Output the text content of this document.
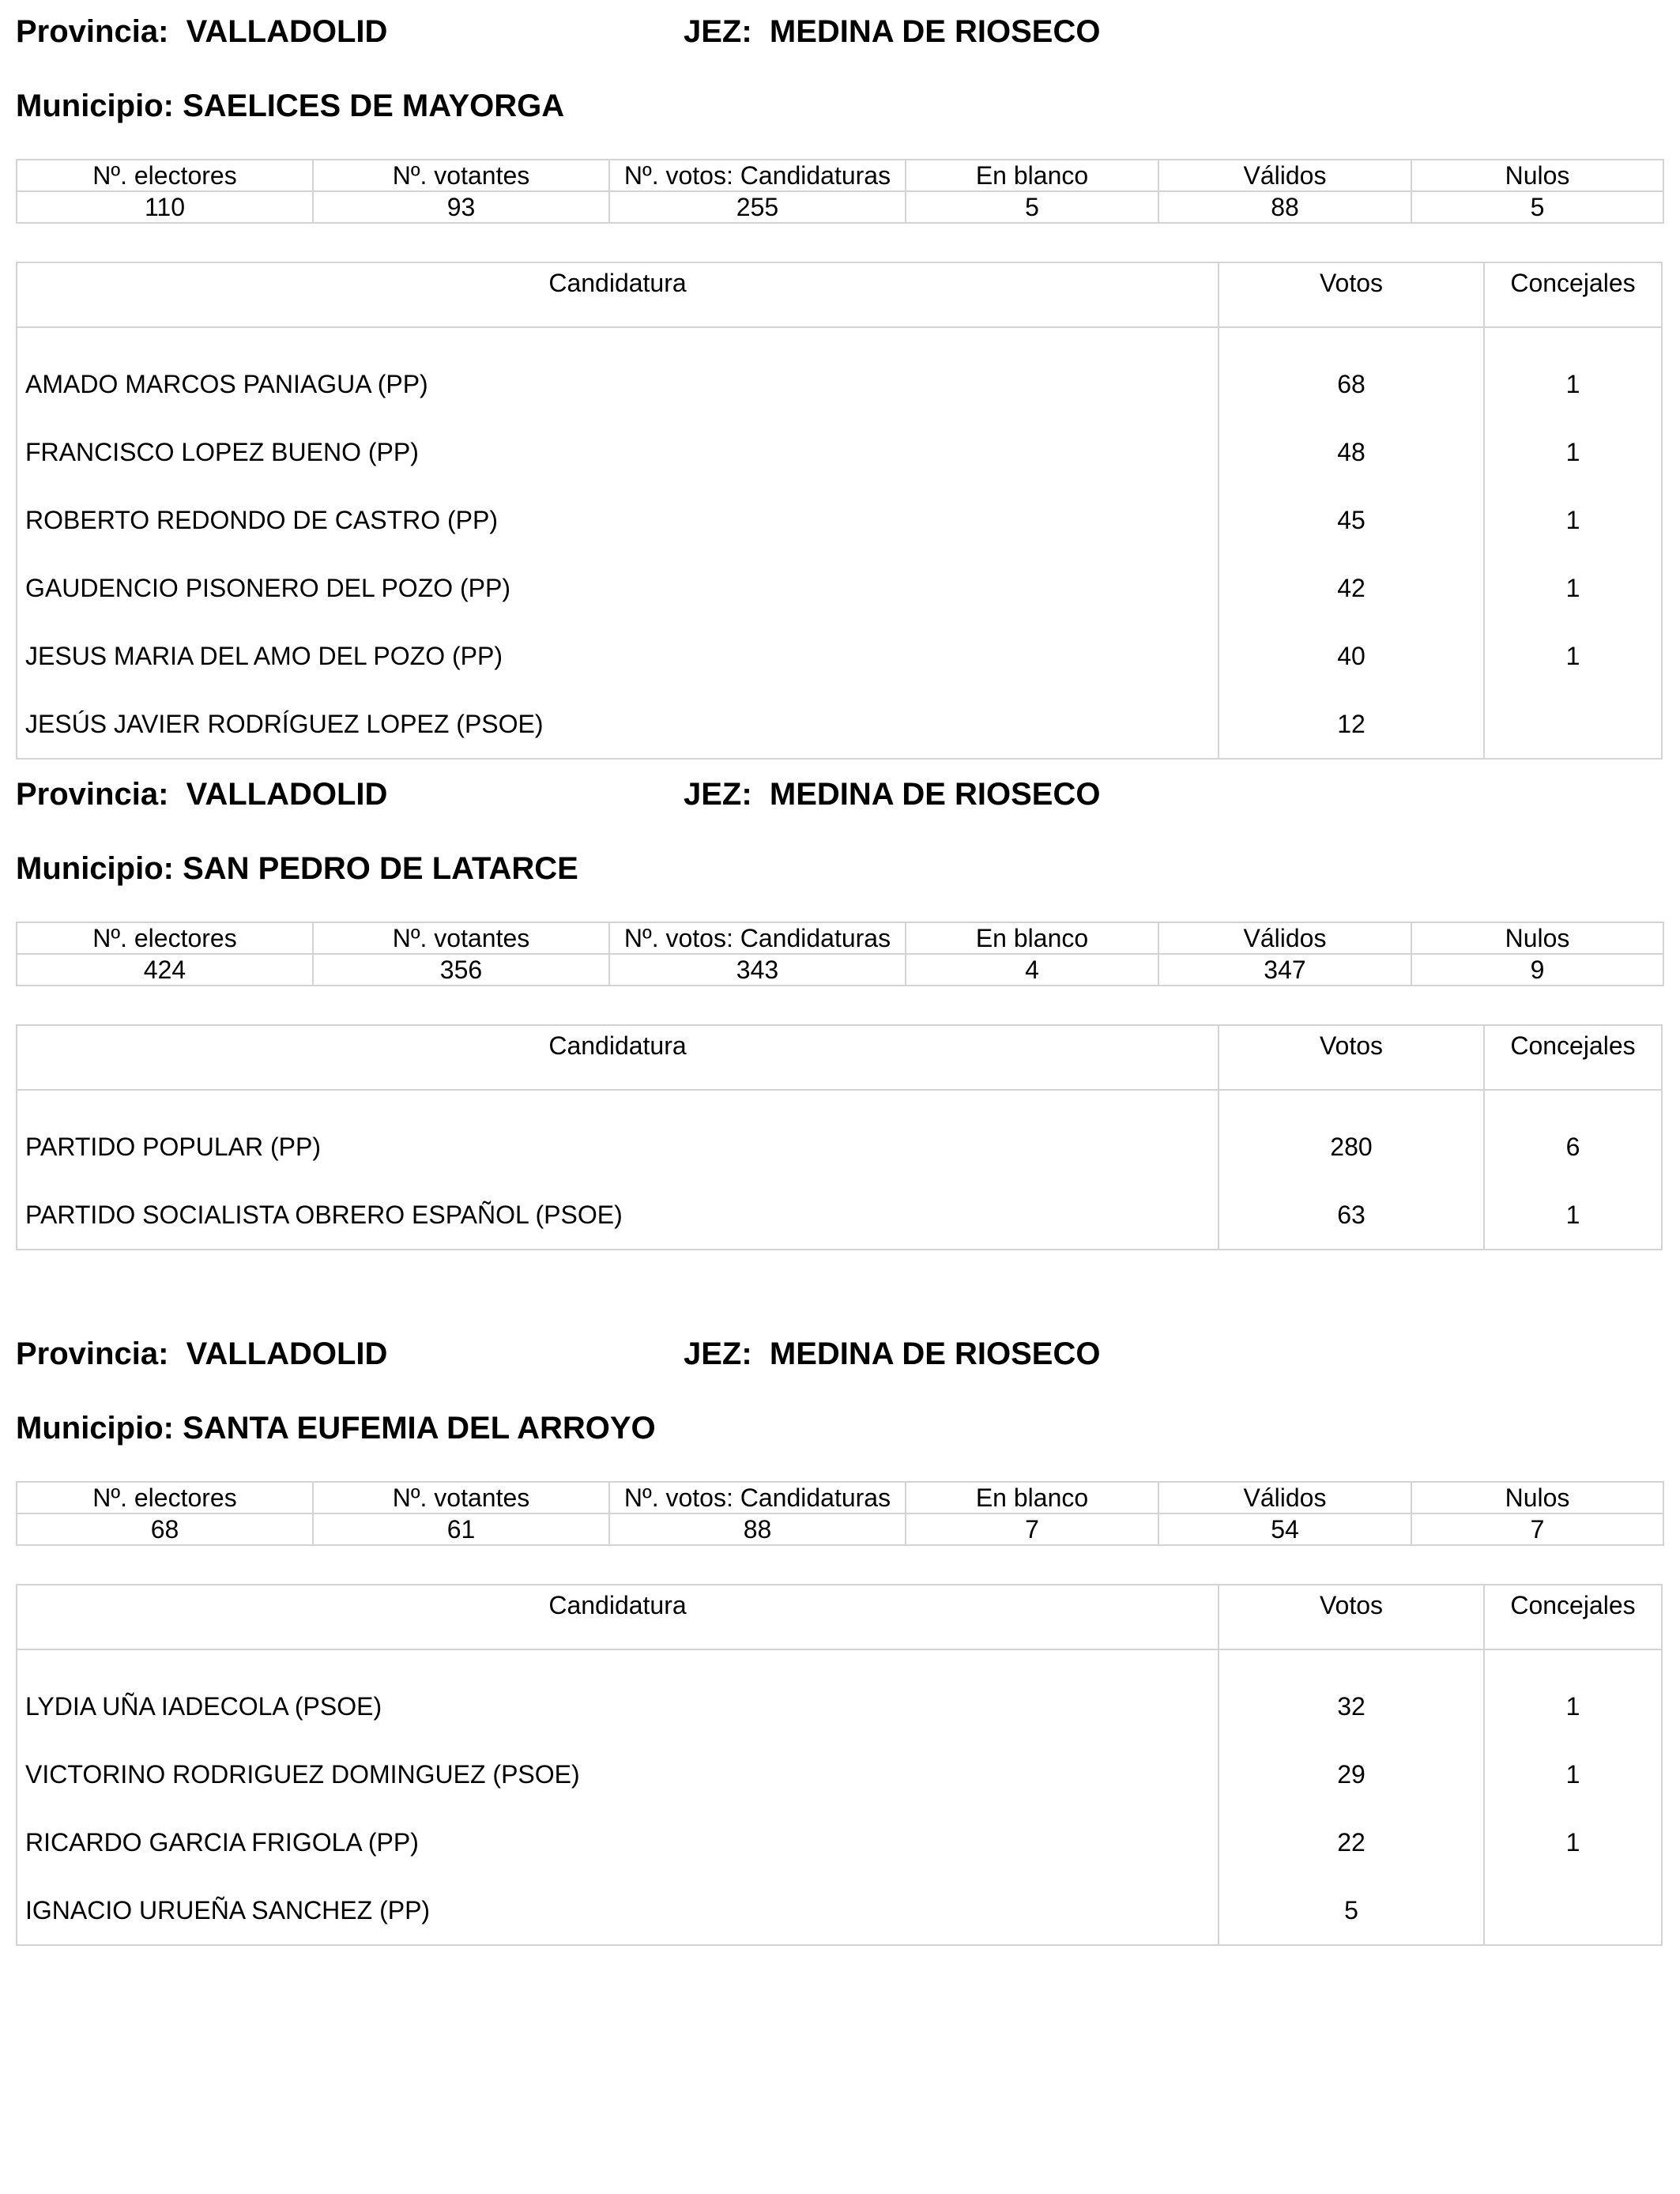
Provincia: VALLADOLID	JEZ: MEDINA DE RIOSECO
Municipio: SAELICES DE MAYORGA
Nº. electores	Nº. votantes	Nº. votos: Candidaturas	En blanco	Válidos	Nulos
110	93	255	5	88	5
Candidatura	Votos	Concejales
AMADO MARCOS PANIAGUA (PP)	68	1
FRANCISCO LOPEZ BUENO (PP)	48	1
ROBERTO REDONDO DE CASTRO (PP)	45	1
GAUDENCIO PISONERO DEL POZO (PP)	42	1
JESUS MARIA DEL AMO DEL POZO (PP)	40	1
JESÚS JAVIER RODRÍGUEZ LOPEZ (PSOE)	12
Provincia: VALLADOLID	JEZ: MEDINA DE RIOSECO
Municipio: SAN PEDRO DE LATARCE
Nº. electores	Nº. votantes	Nº. votos: Candidaturas	En blanco	Válidos	Nulos
424	356	343	4	347	9
Candidatura	Votos	Concejales
PARTIDO POPULAR (PP)	280	6
PARTIDO SOCIALISTA OBRERO ESPAÑOL (PSOE)	63	1
Provincia: VALLADOLID	JEZ: MEDINA DE RIOSECO
Municipio: SANTA EUFEMIA DEL ARROYO
Nº. electores	Nº. votantes	Nº. votos: Candidaturas	En blanco	Válidos	Nulos
68	61	88	7	54	7
Candidatura	Votos	Concejales
LYDIA UÑA IADECOLA (PSOE)	32	1
VICTORINO RODRIGUEZ DOMINGUEZ (PSOE)	29	1
RICARDO GARCIA FRIGOLA (PP)	22	1
IGNACIO URUEÑA SANCHEZ (PP)	5
